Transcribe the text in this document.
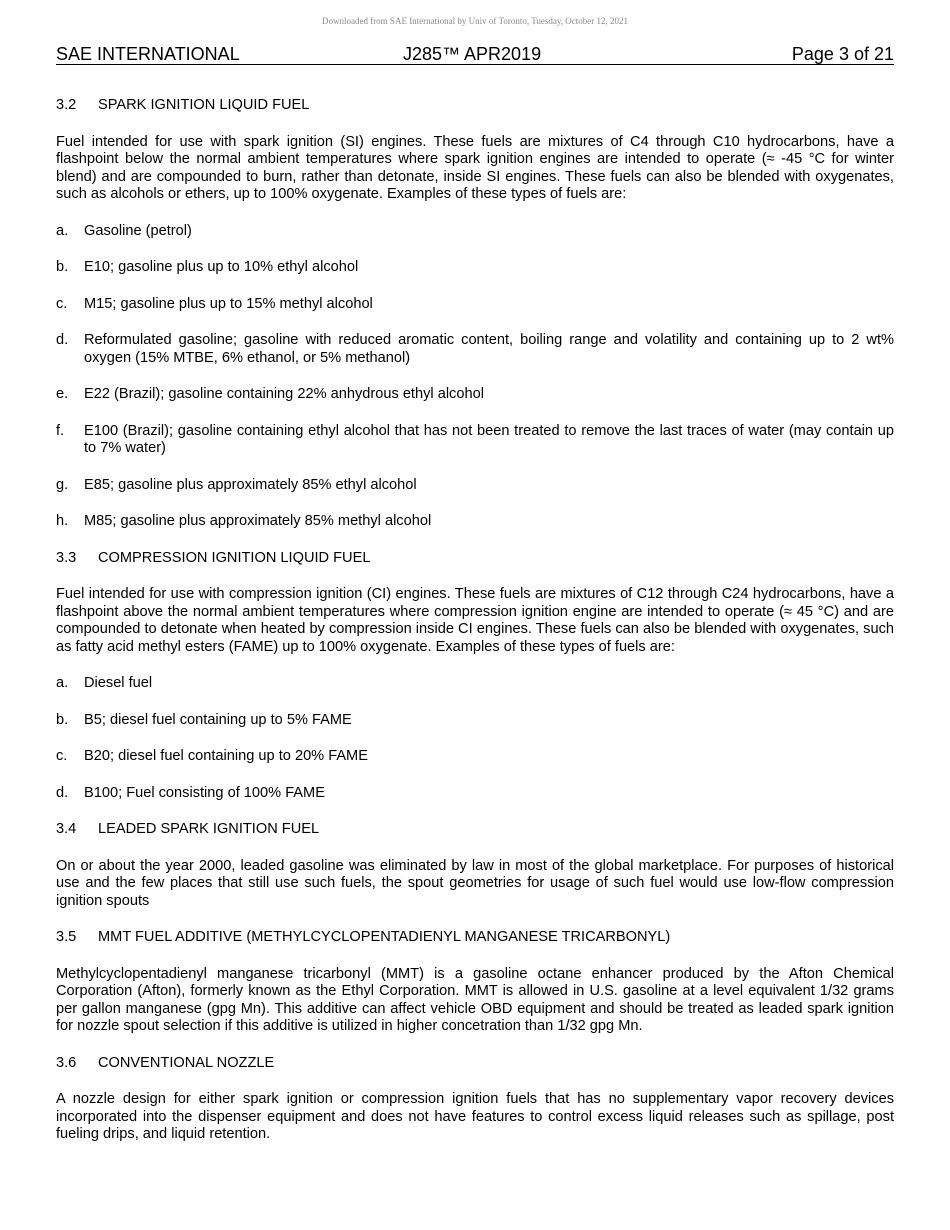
Downloaded from SAE International by Univ of Toronto, Tuesday, October 12, 2021
SAE INTERNATIONAL	J285™ APR2019	Page 3 of 21
3.2 SPARK IGNITION LIQUID FUEL
Fuel intended for use with spark ignition (SI) engines. These fuels are mixtures of C4 through C10 hydrocarbons, have a flashpoint below the normal ambient temperatures where spark ignition engines are intended to operate (≈ -45 °C for winter blend) and are compounded to burn, rather than detonate, inside SI engines. These fuels can also be blended with oxygenates, such as alcohols or ethers, up to 100% oxygenate. Examples of these types of fuels are:
a.	Gasoline (petrol)
b.	E10; gasoline plus up to 10% ethyl alcohol
c.	M15; gasoline plus up to 15% methyl alcohol
d.	Reformulated gasoline; gasoline with reduced aromatic content, boiling range and volatility and containing up to 2 wt% oxygen (15% MTBE, 6% ethanol, or 5% methanol)
e.	E22 (Brazil); gasoline containing 22% anhydrous ethyl alcohol
f.	E100 (Brazil); gasoline containing ethyl alcohol that has not been treated to remove the last traces of water (may contain up to 7% water)
g.	E85; gasoline plus approximately 85% ethyl alcohol
h.	M85; gasoline plus approximately 85% methyl alcohol
3.3 COMPRESSION IGNITION LIQUID FUEL
Fuel intended for use with compression ignition (CI) engines. These fuels are mixtures of C12 through C24 hydrocarbons, have a flashpoint above the normal ambient temperatures where compression ignition engine are intended to operate (≈ 45 °C) and are compounded to detonate when heated by compression inside CI engines. These fuels can also be blended with oxygenates, such as fatty acid methyl esters (FAME) up to 100% oxygenate. Examples of these types of fuels are:
a.	Diesel fuel
b.	B5; diesel fuel containing up to 5% FAME
c.	B20; diesel fuel containing up to 20% FAME
d.	B100; Fuel consisting of 100% FAME
3.4 LEADED SPARK IGNITION FUEL
On or about the year 2000, leaded gasoline was eliminated by law in most of the global marketplace. For purposes of historical use and the few places that still use such fuels, the spout geometries for usage of such fuel would use low-flow compression ignition spouts
3.5 MMT FUEL ADDITIVE (METHYLCYCLOPENTADIENYL MANGANESE TRICARBONYL)
Methylcyclopentadienyl manganese tricarbonyl (MMT) is a gasoline octane enhancer produced by the Afton Chemical Corporation (Afton), formerly known as the Ethyl Corporation. MMT is allowed in U.S. gasoline at a level equivalent 1/32 grams per gallon manganese (gpg Mn). This additive can affect vehicle OBD equipment and should be treated as leaded spark ignition for nozzle spout selection if this additive is utilized in higher concetration than 1/32 gpg Mn.
3.6 CONVENTIONAL NOZZLE
A nozzle design for either spark ignition or compression ignition fuels that has no supplementary vapor recovery devices incorporated into the dispenser equipment and does not have features to control excess liquid releases such as spillage, post fueling drips, and liquid retention.
